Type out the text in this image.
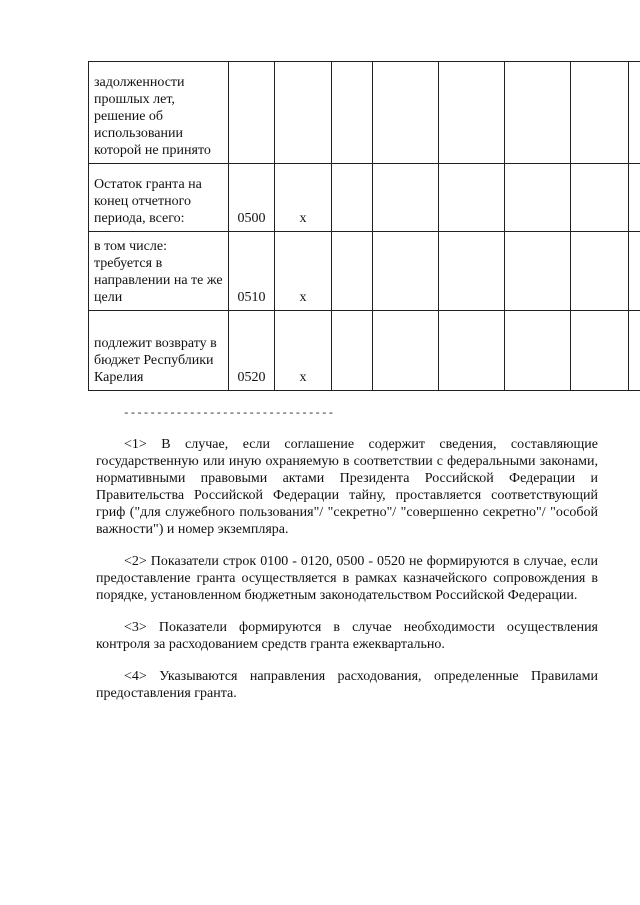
задолженности прошлых лет, решение об использовании которой не принято								
Остаток гранта на конец отчетного периода, всего:	0500	х						
в том числе: требуется в направлении на те же цели	0510	х						
подлежит возврату в бюджет Республики Карелия	0520	х						
--------------------------------

<1> В случае, если соглашение содержит сведения, составляющие государственную или иную охраняемую в соответствии с федеральными законами, нормативными правовыми актами Президента Российской Федерации и Правительства Российской Федерации тайну, проставляется соответствующий гриф ("для служебного пользования"/ "секретно"/ "совершенно секретно"/ "особой важности") и номер экземпляра.

<2> Показатели строк 0100 - 0120, 0500 - 0520 не формируются в случае, если предоставление гранта осуществляется в рамках казначейского сопровождения в порядке, установленном бюджетным законодательством Российской Федерации.

<3> Показатели формируются в случае необходимости осуществления контроля за расходованием средств гранта ежеквартально.

<4> Указываются направления расходования, определенные Правилами предоставления гранта.
